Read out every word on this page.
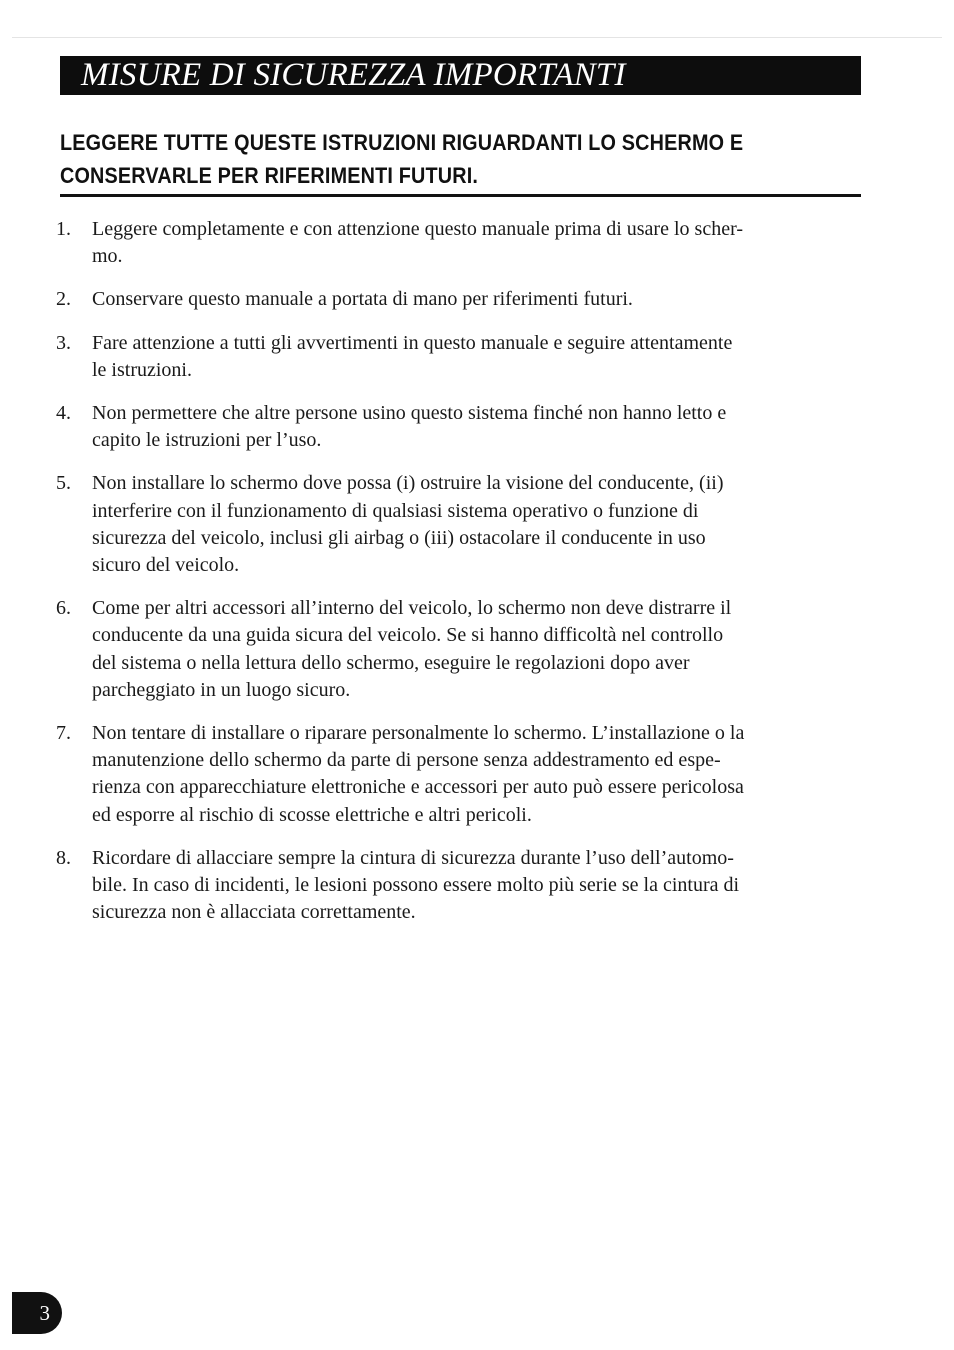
MISURE DI SICUREZZA IMPORTANTI
LEGGERE TUTTE QUESTE ISTRUZIONI RIGUARDANTI LO SCHERMO E
CONSERVARLE PER RIFERIMENTI FUTURI.
1.	Leggere completamente e con attenzione questo manuale prima di usare lo scher-
mo.
2.	Conservare questo manuale a portata di mano per riferimenti futuri.
3.	Fare attenzione a tutti gli avvertimenti in questo manuale e seguire attentamente
le istruzioni.
4.	Non permettere che altre persone usino questo sistema finché non hanno letto e
capito le istruzioni per l’uso.
5.	Non installare lo schermo dove possa (i) ostruire la visione del conducente, (ii)
interferire con il funzionamento di qualsiasi sistema operativo o funzione di
sicurezza del veicolo, inclusi gli airbag o (iii) ostacolare il conducente in uso
sicuro del veicolo.
6.	Come per altri accessori all’interno del veicolo, lo schermo non deve distrarre il
conducente da una guida sicura del veicolo. Se si hanno difficoltà nel controllo
del sistema o nella lettura dello schermo, eseguire le regolazioni dopo aver
parcheggiato in un luogo sicuro.
7.	Non tentare di installare o riparare personalmente lo schermo. L’installazione o la
manutenzione dello schermo da parte di persone senza addestramento ed espe-
rienza con apparecchiature elettroniche e accessori per auto può essere pericolosa
ed esporre al rischio di scosse elettriche e altri pericoli.
8.	Ricordare di allacciare sempre la cintura di sicurezza durante l’uso dell’automo-
bile. In caso di incidenti, le lesioni possono essere molto più serie se la cintura di
sicurezza non è allacciata correttamente.
3
